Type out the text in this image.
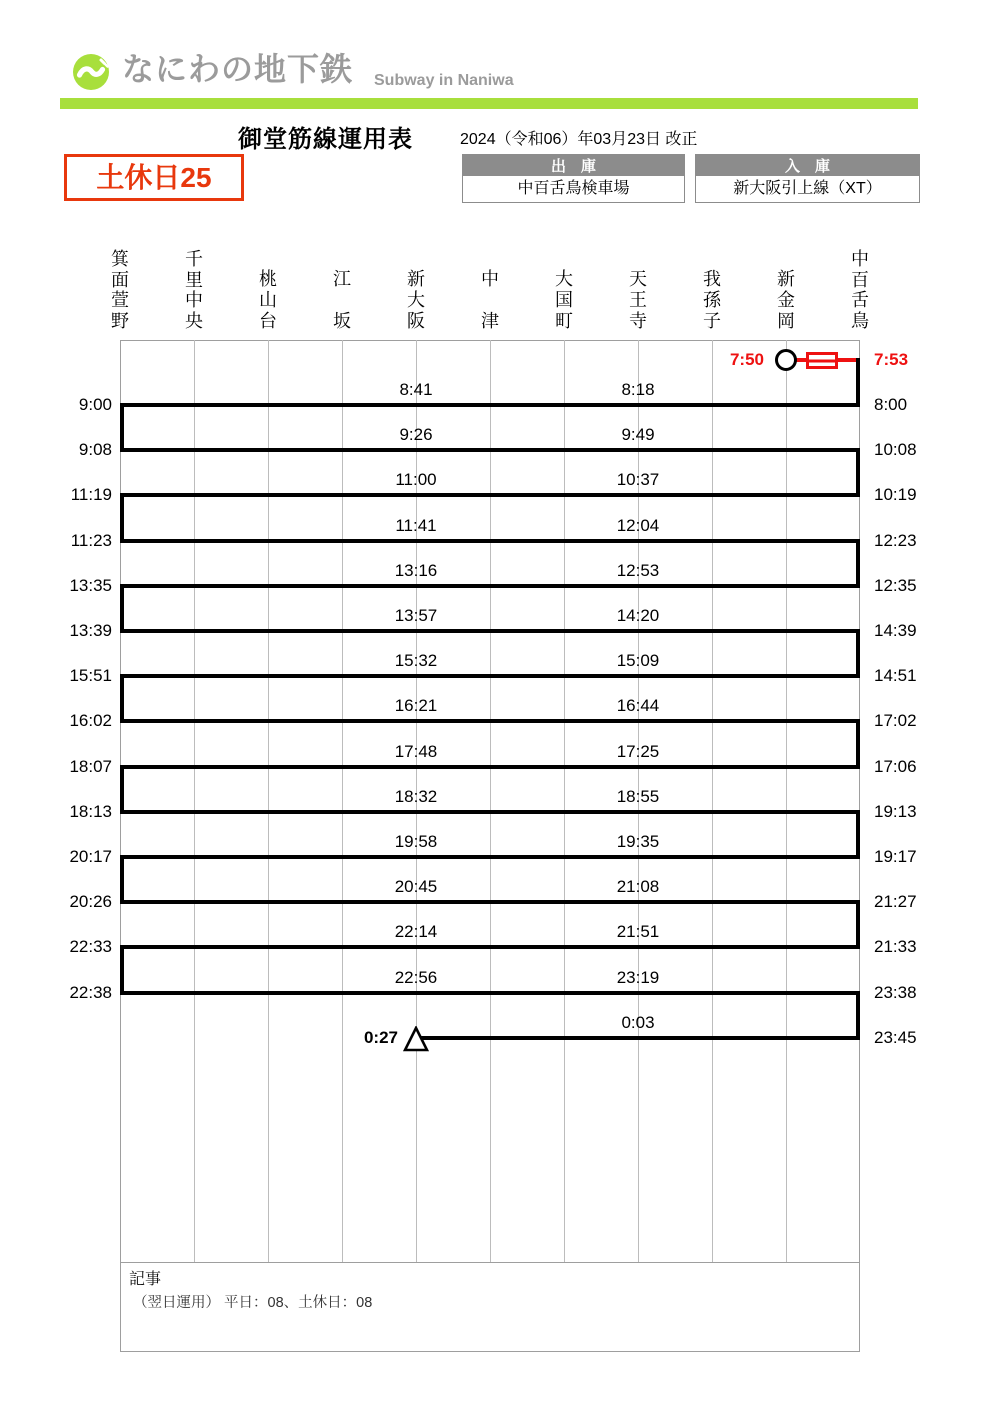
なにわの地下鉄 Subway in Naniwa
御堂筋線運用表	2024（令和06）年03月23日 改正
土休日25	出　庫
中百舌鳥検車場
入　庫
新大阪引上線（XT）
記事
（翌日運用） 平日：08、土休日：08
箕
面
萱
野
千
里
中
央
桃
山
台
江
坂
新
大
阪
中
津
大
国
町
天
王
寺
我
孫
子
新
金
岡
中
百
舌
鳥
7:50	7:53
9:00
8:41	8:18
8:00
9:08
9:26	9:49
10:08
11:19
11:00	10:37
10:19
11:23
11:41	12:04
12:23
13:35
13:16	12:53
12:35
13:39
13:57	14:20
14:39
15:51
15:32	15:09
14:51
16:02
16:21	16:44
17:02
18:07
17:48	17:25
17:06
18:13
18:32	18:55
19:13
20:17
19:58	19:35
19:17
20:26
20:45	21:08
21:27
22:33
22:14	21:51
21:33
22:38
22:56	23:19
23:38
0:27
0:03
23:45
